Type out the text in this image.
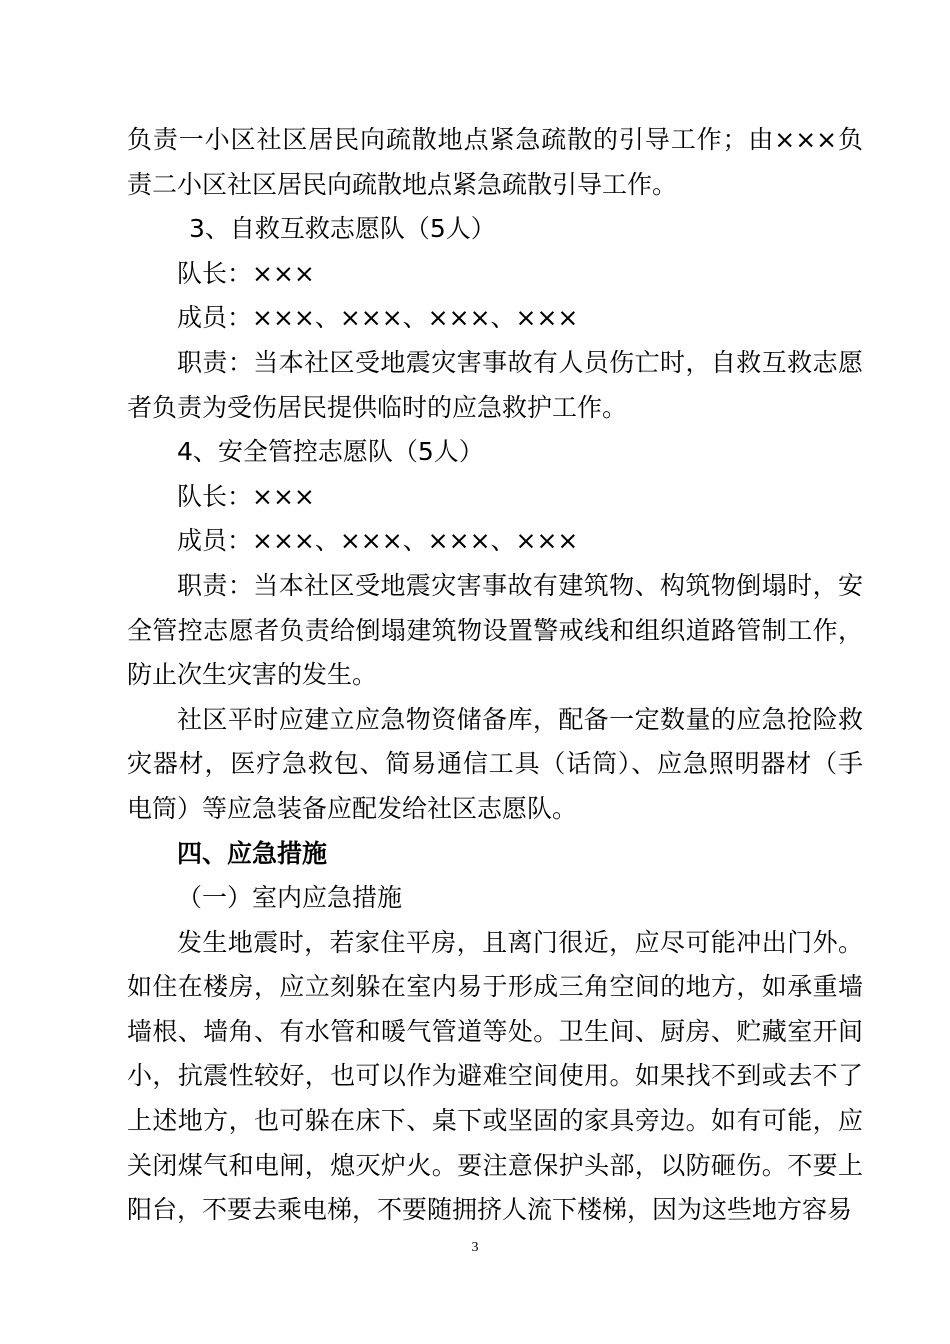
负责一小区社区居民向疏散地点紧急疏散的引导工作；由×××负责二小区社区居民向疏散地点紧急疏散引导工作。

3、自救互救志愿队（5人）

队长：×××

成员：×××、×××、×××、×××

职责：当本社区受地震灾害事故有人员伤亡时，自救互救志愿者负责为受伤居民提供临时的应急救护工作。

4、安全管控志愿队（5人）

队长：×××

成员：×××、×××、×××、×××

职责：当本社区受地震灾害事故有建筑物、构筑物倒塌时，安全管控志愿者负责给倒塌建筑物设置警戒线和组织道路管制工作，防止次生灾害的发生。

社区平时应建立应急物资储备库，配备一定数量的应急抢险救灾器材，医疗急救包、简易通信工具（话筒）、应急照明器材（手电筒）等应急装备应配发给社区志愿队。

四、应急措施

（一）室内应急措施

发生地震时，若家住平房，且离门很近，应尽可能冲出门外。如住在楼房，应立刻躲在室内易于形成三角空间的地方，如承重墙墙根、墙角、有水管和暖气管道等处。卫生间、厨房、贮藏室开间小，抗震性较好，也可以作为避难空间使用。如果找不到或去不了上述地方，也可躲在床下、桌下或坚固的家具旁边。如有可能，应关闭煤气和电闸，熄灭炉火。要注意保护头部，以防砸伤。不要上阳台，不要去乘电梯，不要随拥挤人流下楼梯，因为这些地方容易

3
